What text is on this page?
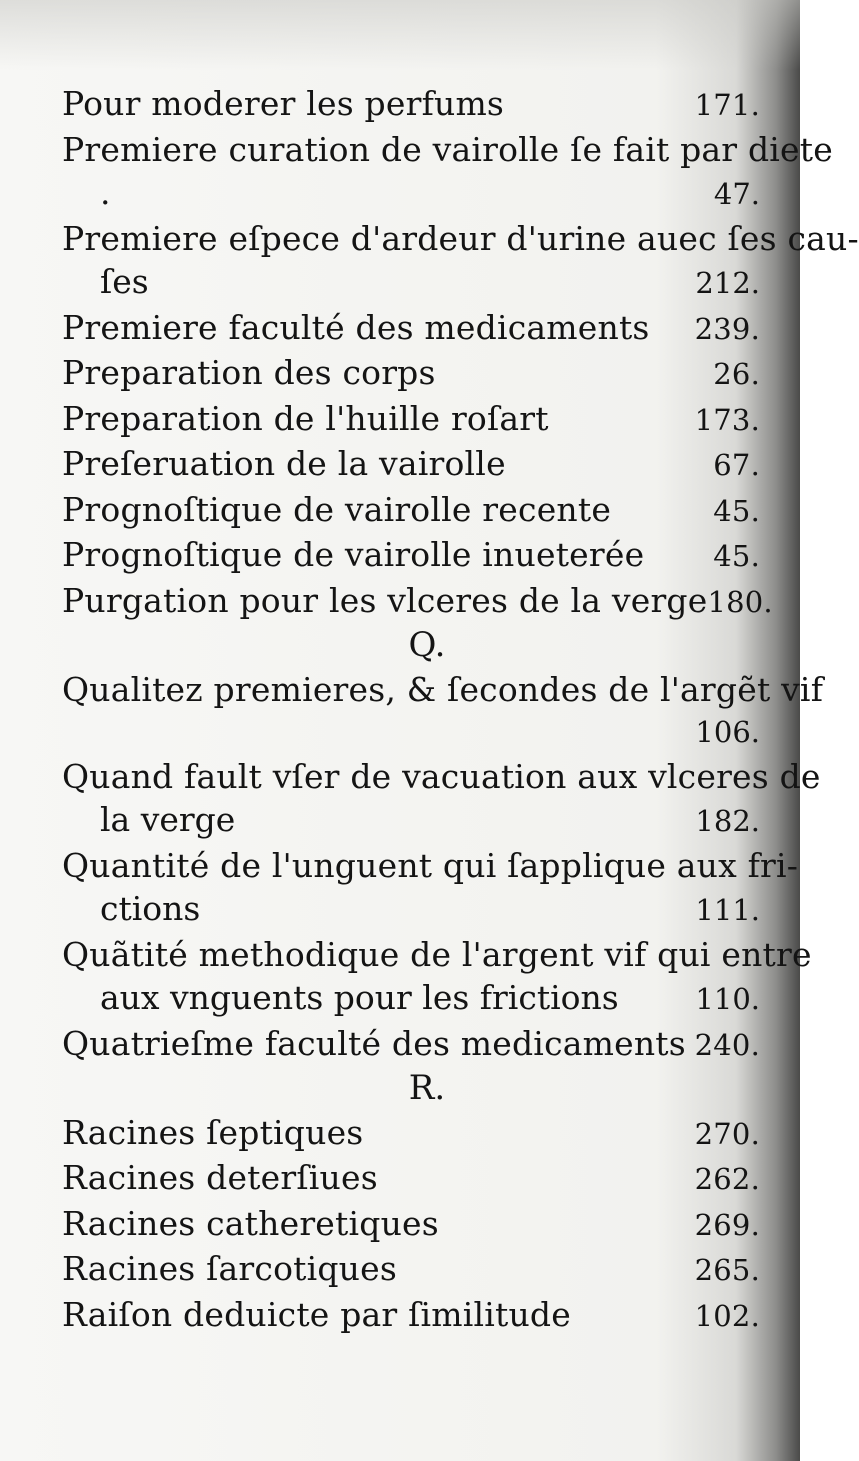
Pour moderer les perfums	171.
Premiere curation de vairolle ſe fait par diete
.	47.
Premiere eſpece d'ardeur d'urine auec ſes cau-
ſes	212.
Premiere faculté des medicaments 239.
Preparation des corps	26.
Preparation de l'huille roſart	173.
Preſeruation de la vairolle	67.
Prognoſtique de vairolle recente	45.
Prognoſtique de vairolle inueterée 45.
Purgation pour les vlceres de la verge 180.
Q.
Qualitez premieres, & ſecondes de l'argẽt vif
106.
Quand fault vſer de vacuation aux vlceres de
la verge	182.
Quantité de l'unguent qui ſapplique aux fri-
ctions	111.
Quãtité methodique de l'argent vif qui entre
aux vnguents pour les frictions	110.
Quatrieſme faculté des medicaments 240.
R.
Racines ſeptiques	270.
Racines deterſiues	262.
Racines catheretiques	269.
Racines ſarcotiques	265.
Raiſon deduicte par ſimilitude	102.
